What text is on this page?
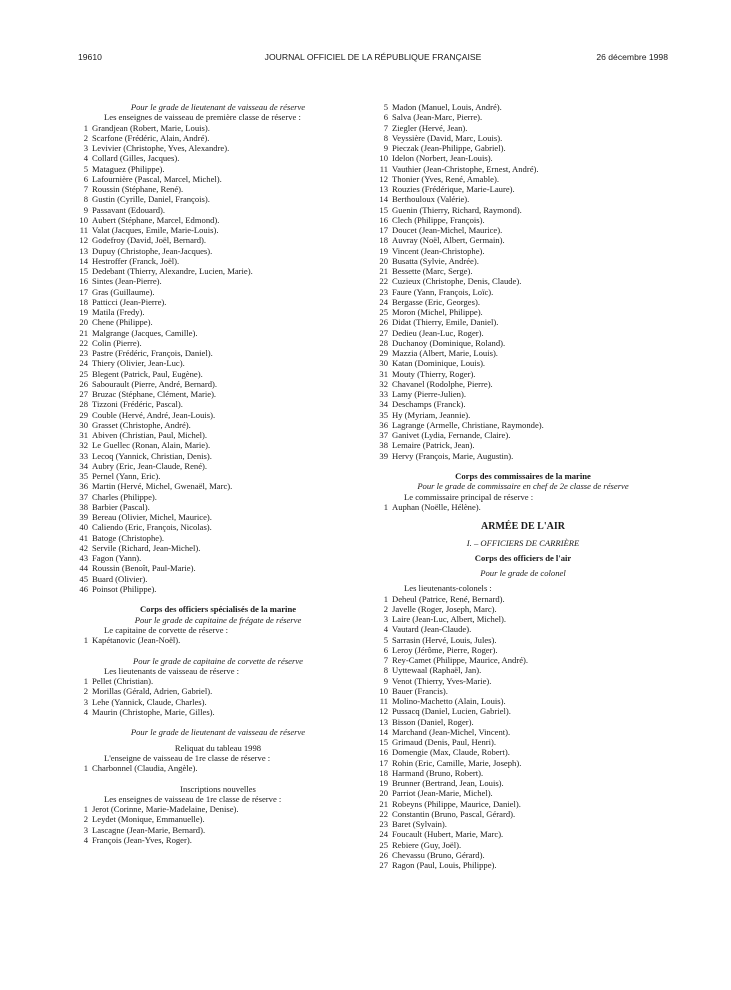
19610	JOURNAL OFFICIEL DE LA RÉPUBLIQUE FRANÇAISE	26 décembre 1998
Pour le grade de lieutenant de vaisseau de réserve
Les enseignes de vaisseau de première classe de réserve :
1 Grandjean (Robert, Marie, Louis).
2 Scarfone (Frédéric, Alain, André).
3 Levivier (Christophe, Yves, Alexandre).
4 Collard (Gilles, Jacques).
5 Mataguez (Philippe).
6 Lafournière (Pascal, Marcel, Michel).
7 Roussin (Stéphane, René).
8 Gustin (Cyrille, Daniel, François).
9 Passavant (Edouard).
10 Aubert (Stéphane, Marcel, Edmond).
11 Valat (Jacques, Emile, Marie-Louis).
12 Godefroy (David, Joël, Bernard).
13 Dupuy (Christophe, Jean-Jacques).
14 Hestroffer (Franck, Joël).
15 Dedebant (Thierry, Alexandre, Lucien, Marie).
16 Sintes (Jean-Pierre).
17 Gras (Guillaume).
18 Patticci (Jean-Pierre).
19 Matila (Fredy).
20 Chene (Philippe).
21 Malgrange (Jacques, Camille).
22 Colin (Pierre).
23 Pastre (Frédéric, François, Daniel).
24 Thiery (Olivier, Jean-Luc).
25 Blegent (Patrick, Paul, Eugène).
26 Sabourault (Pierre, André, Bernard).
27 Bruzac (Stéphane, Clément, Marie).
28 Tizzoni (Frédéric, Pascal).
29 Couble (Hervé, André, Jean-Louis).
30 Grasset (Christophe, André).
31 Abiven (Christian, Paul, Michel).
32 Le Guellec (Ronan, Alain, Marie).
33 Lecoq (Yannick, Christian, Denis).
34 Aubry (Eric, Jean-Claude, René).
35 Pernel (Yann, Eric).
36 Martin (Hervé, Michel, Gwenaël, Marc).
37 Charles (Philippe).
38 Barbier (Pascal).
39 Bereau (Olivier, Michel, Maurice).
40 Caliendo (Eric, François, Nicolas).
41 Batoge (Christophe).
42 Servile (Richard, Jean-Michel).
43 Fagon (Yann).
44 Roussin (Benoît, Paul-Marie).
45 Buard (Olivier).
46 Poinsot (Philippe).
Corps des officiers spécialisés de la marine
Pour le grade de capitaine de frégate de réserve
Le capitaine de corvette de réserve :
1 Kapétanovic (Jean-Noël).
Pour le grade de capitaine de corvette de réserve
Les lieutenants de vaisseau de réserve :
1 Pellet (Christian).
2 Morillas (Gérald, Adrien, Gabriel).
3 Lehe (Yannick, Claude, Charles).
4 Maurin (Christophe, Marie, Gilles).
Pour le grade de lieutenant de vaisseau de réserve
Reliquat du tableau 1998
L'enseigne de vaisseau de 1re classe de réserve :
1 Charbonnel (Claudia, Angèle).
Inscriptions nouvelles
Les enseignes de vaisseau de 1re classe de réserve :
1 Jerot (Corinne, Marie-Madelaine, Denise).
2 Leydet (Monique, Emmanuelle).
3 Lascagne (Jean-Marie, Bernard).
4 François (Jean-Yves, Roger).
5 Madon (Manuel, Louis, André).
6 Salva (Jean-Marc, Pierre).
7 Ziegler (Hervé, Jean).
8 Veyssière (David, Marc, Louis).
9 Pieczak (Jean-Philippe, Gabriel).
10 Idelon (Norbert, Jean-Louis).
11 Vauthier (Jean-Christophe, Ernest, André).
12 Thonier (Yves, René, Amable).
13 Rouzies (Frédérique, Marie-Laure).
14 Berthouloux (Valérie).
15 Guenin (Thierry, Richard, Raymond).
16 Clech (Philippe, François).
17 Doucet (Jean-Michel, Maurice).
18 Auvray (Noël, Albert, Germain).
19 Vincent (Jean-Christophe).
20 Busatta (Sylvie, Andrée).
21 Bessette (Marc, Serge).
22 Cuzieux (Christophe, Denis, Claude).
23 Faure (Yann, François, Loïc).
24 Bergasse (Eric, Georges).
25 Moron (Michel, Philippe).
26 Didat (Thierry, Emile, Daniel).
27 Dedieu (Jean-Luc, Roger).
28 Duchanoy (Dominique, Roland).
29 Mazzia (Albert, Marie, Louis).
30 Katan (Dominique, Louis).
31 Mouty (Thierry, Roger).
32 Chavanel (Rodolphe, Pierre).
33 Lamy (Pierre-Julien).
34 Deschamps (Franck).
35 Hy (Myriam, Jeannie).
36 Lagrange (Armelle, Christiane, Raymonde).
37 Ganivet (Lydia, Fernande, Claire).
38 Lemaire (Patrick, Jean).
39 Hervy (François, Marie, Augustin).
Corps des commissaires de la marine
Pour le grade de commissaire en chef de 2e classe de réserve
Le commissaire principal de réserve :
1 Auphan (Noëlle, Hélène).
ARMÉE DE L'AIR
I. – OFFICIERS DE CARRIÈRE
Corps des officiers de l'air
Pour le grade de colonel
Les lieutenants-colonels :
1 Deheul (Patrice, René, Bernard).
2 Javelle (Roger, Joseph, Marc).
3 Laire (Jean-Luc, Albert, Michel).
4 Vautard (Jean-Claude).
5 Sarrasin (Hervé, Louis, Jules).
6 Leroy (Jérôme, Pierre, Roger).
7 Rey-Camet (Philippe, Maurice, André).
8 Uyttewaal (Raphaël, Jan).
9 Venot (Thierry, Yves-Marie).
10 Bauer (Francis).
11 Molino-Machetto (Alain, Louis).
12 Pussacq (Daniel, Lucien, Gabriel).
13 Bisson (Daniel, Roger).
14 Marchand (Jean-Michel, Vincent).
15 Grimaud (Denis, Paul, Henri).
16 Domengie (Max, Claude, Robert).
17 Rohin (Eric, Camille, Marie, Joseph).
18 Harmand (Bruno, Robert).
19 Brunner (Bertrand, Jean, Louis).
20 Parriot (Jean-Marie, Michel).
21 Robeyns (Philippe, Maurice, Daniel).
22 Constantin (Bruno, Pascal, Gérard).
23 Baret (Sylvain).
24 Foucault (Hubert, Marie, Marc).
25 Rebiere (Guy, Joël).
26 Chevassu (Bruno, Gérard).
27 Ragon (Paul, Louis, Philippe).
